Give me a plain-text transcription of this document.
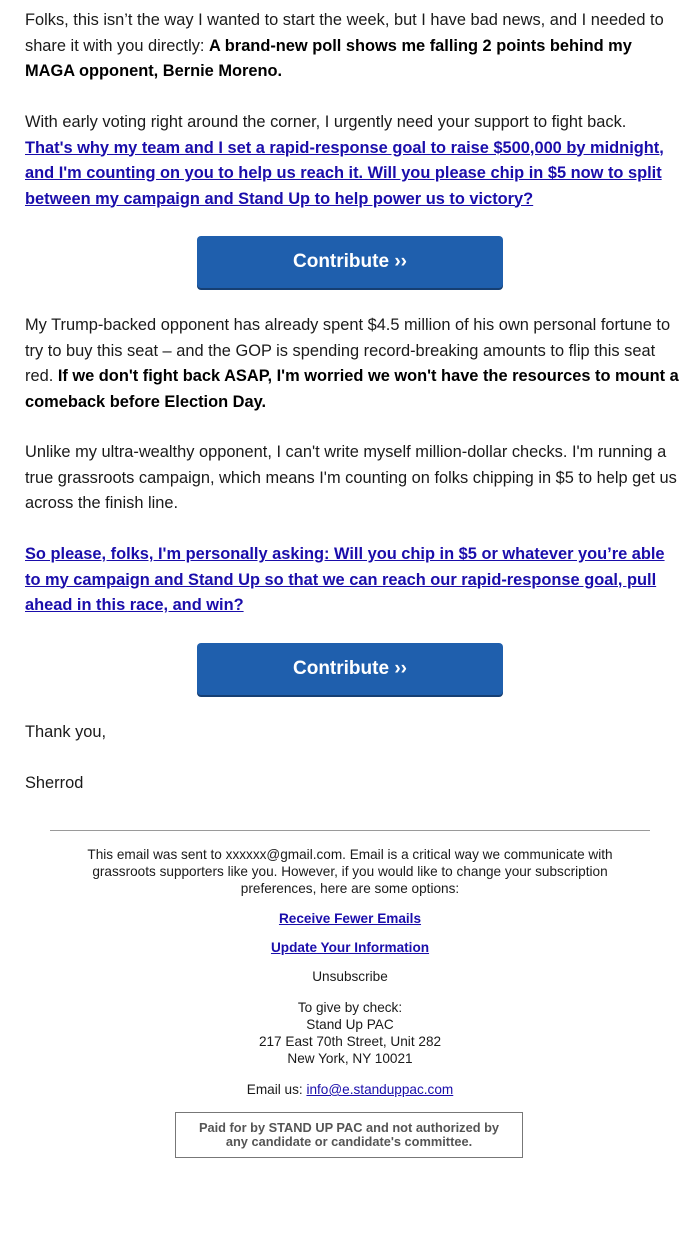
Folks, this isn’t the way I wanted to start the week, but I have bad news, and I needed to share it with you directly: A brand-new poll shows me falling 2 points behind my MAGA opponent, Bernie Moreno.

With early voting right around the corner, I urgently need your support to fight back.
That's why my team and I set a rapid-response goal to raise $500,000 by midnight, and I'm counting on you to help us reach it. Will you please chip in $5 now to split between my campaign and Stand Up to help power us to victory?

Contribute ››

My Trump-backed opponent has already spent $4.5 million of his own personal fortune to try to buy this seat – and the GOP is spending record-breaking amounts to flip this seat red. If we don't fight back ASAP, I'm worried we won't have the resources to mount a comeback before Election Day.

Unlike my ultra-wealthy opponent, I can't write myself million-dollar checks. I'm running a true grassroots campaign, which means I'm counting on folks chipping in $5 to help get us across the finish line.

So please, folks, I'm personally asking: Will you chip in $5 or whatever you’re able to my campaign and Stand Up so that we can reach our rapid-response goal, pull ahead in this race, and win?

Contribute ››

Thank you,

Sherrod

This email was sent to xxxxxx@gmail.com. Email is a critical way we communicate with grassroots supporters like you. However, if you would like to change your subscription preferences, here are some options:

Receive Fewer Emails

Update Your Information

Unsubscribe

To give by check:
Stand Up PAC
217 East 70th Street, Unit 282
New York, NY 10021

Email us: info@e.standuppac.com

Paid for by STAND UP PAC and not authorized by any candidate or candidate's committee.
